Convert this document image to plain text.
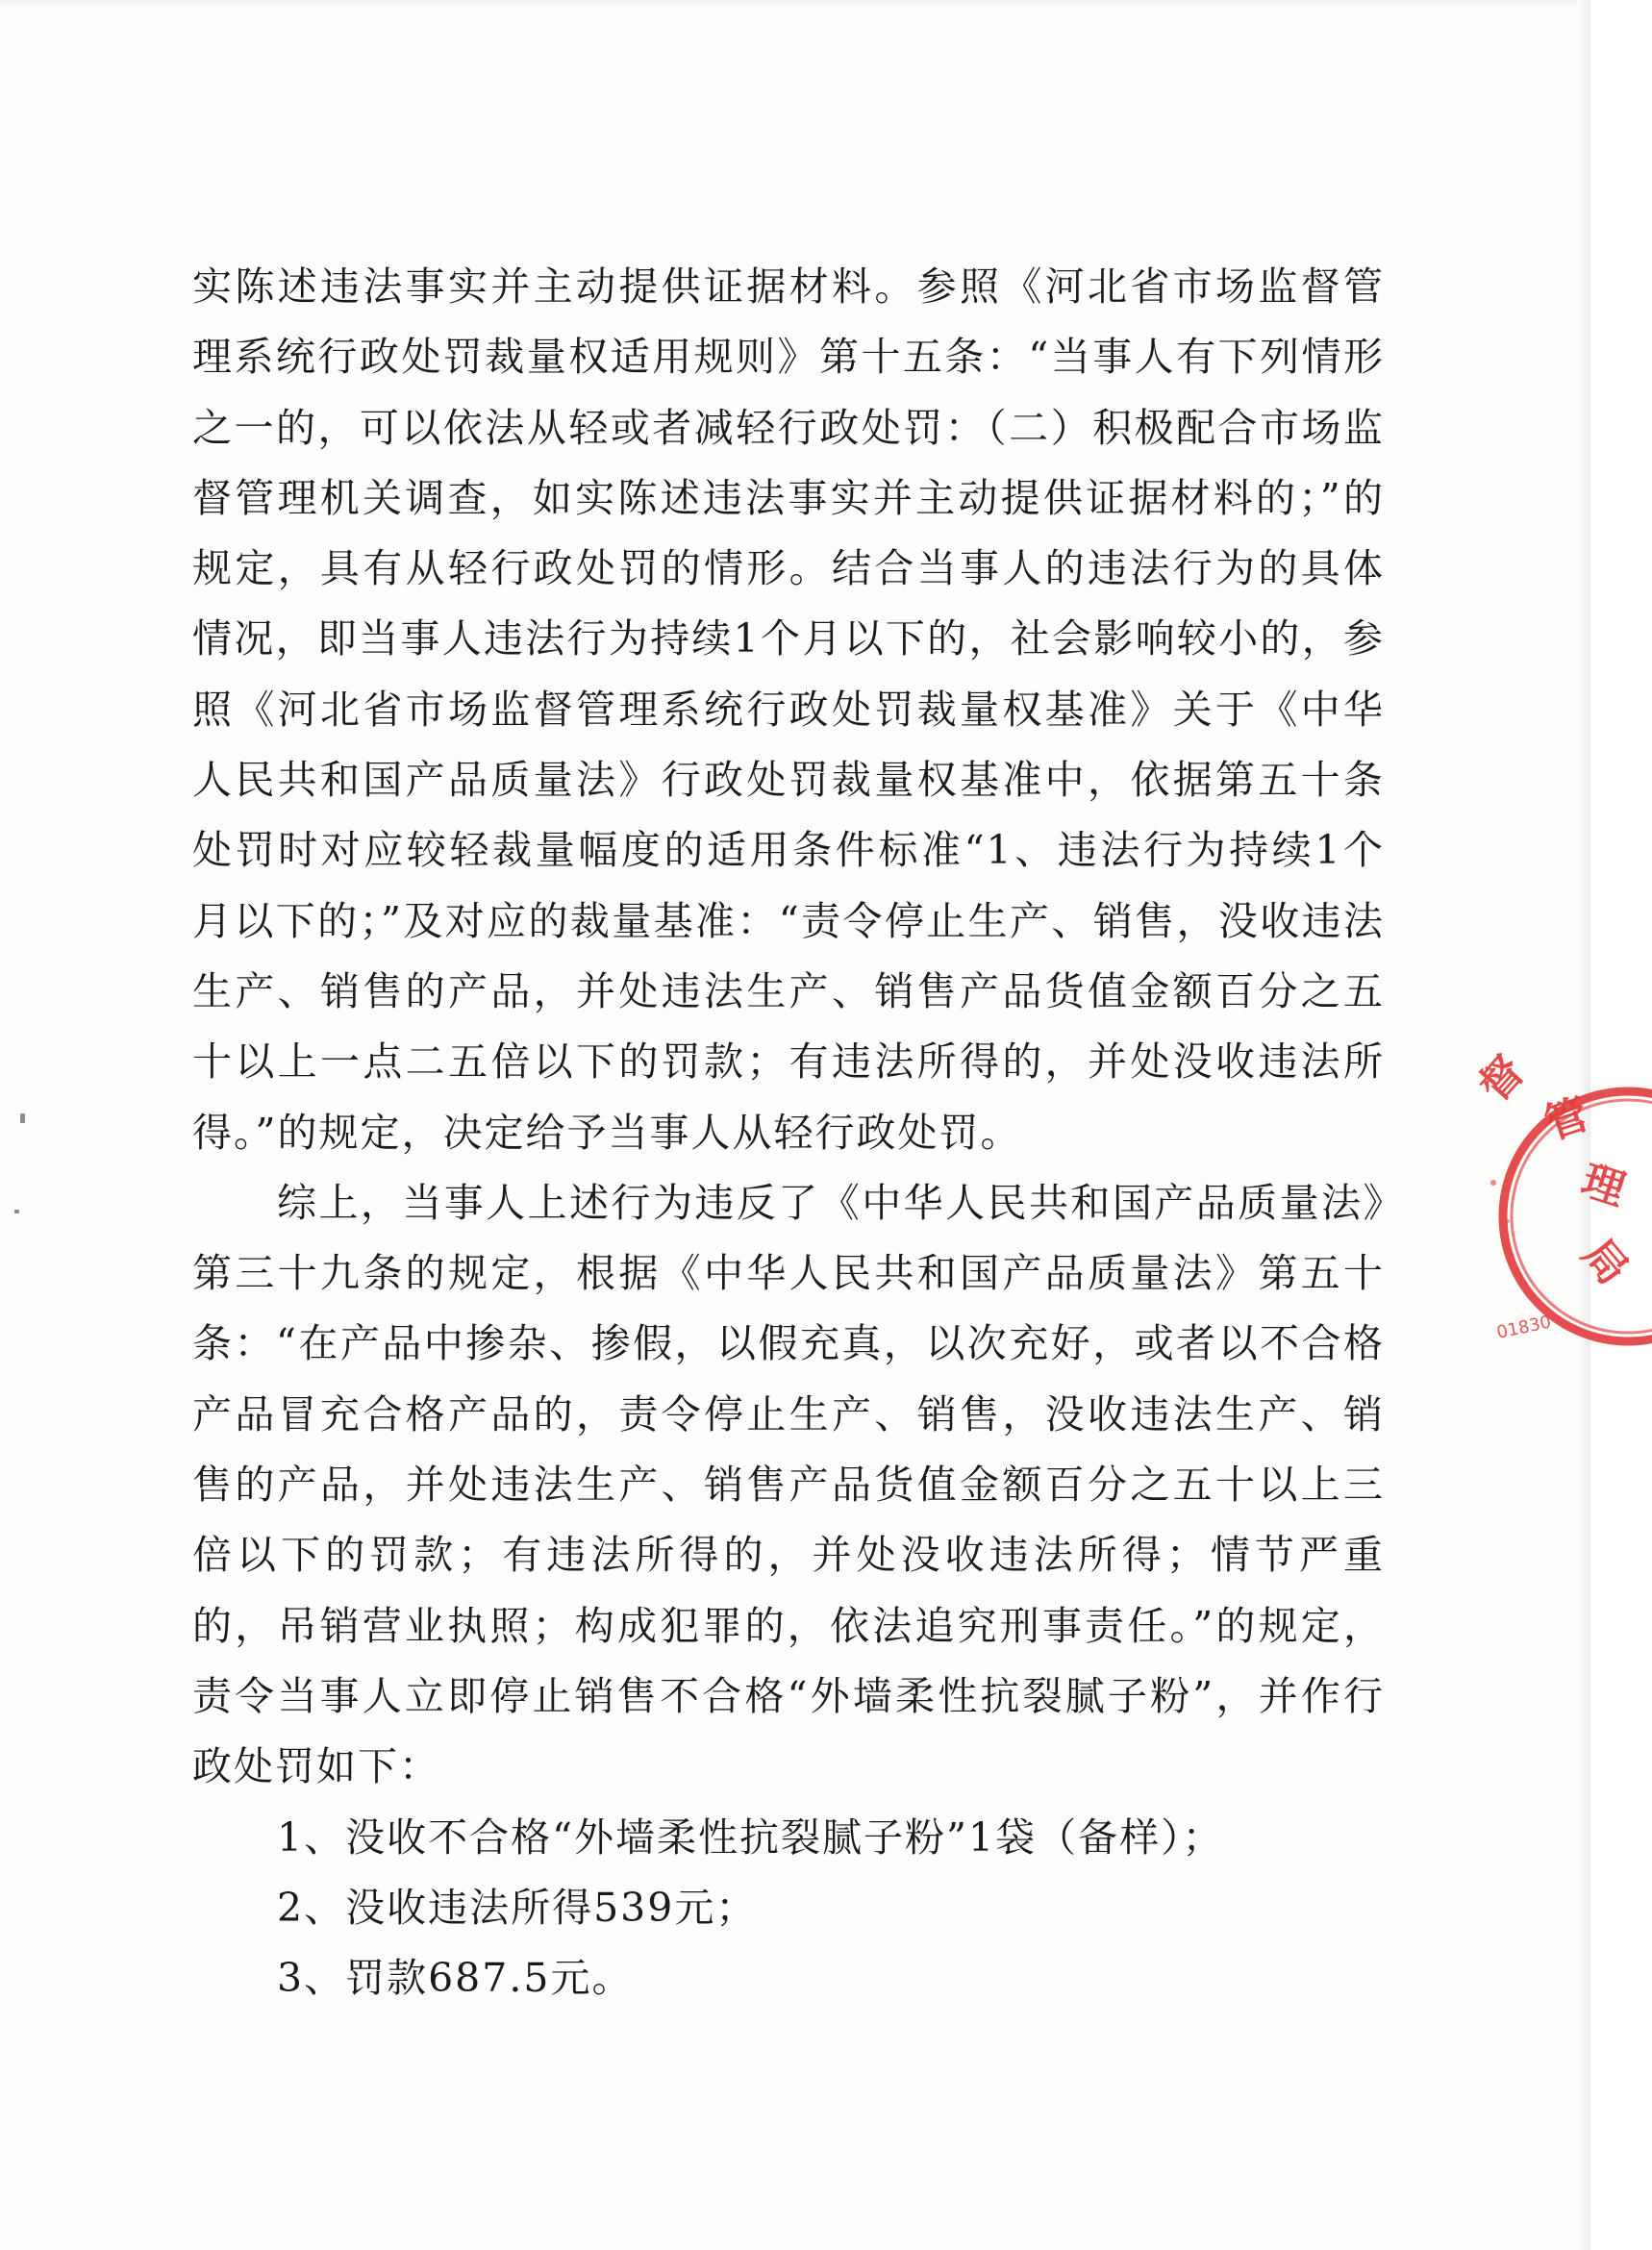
实陈述违法事实并主动提供证据材料。参照《河北省市场监督管理系统行政处罚裁量权适用规则》第十五条：“当事人有下列情形之一的，可以依法从轻或者减轻行政处罚：（二）积极配合市场监督管理机关调查，如实陈述违法事实并主动提供证据材料的；”的规定，具有从轻行政处罚的情形。结合当事人的违法行为的具体情况，即当事人违法行为持续1个月以下的，社会影响较小的，参照《河北省市场监督管理系统行政处罚裁量权基准》关于《中华人民共和国产品质量法》行政处罚裁量权基准中，依据第五十条处罚时对应较轻裁量幅度的适用条件标准“1、违法行为持续1个月以下的；”及对应的裁量基准：“责令停止生产、销售，没收违法生产、销售的产品，并处违法生产、销售产品货值金额百分之五十以上一点二五倍以下的罚款；有违法所得的，并处没收违法所得。”的规定，决定给予当事人从轻行政处罚。

综上，当事人上述行为违反了《中华人民共和国产品质量法》第三十九条的规定，根据《中华人民共和国产品质量法》第五十条：“在产品中掺杂、掺假，以假充真，以次充好，或者以不合格产品冒充合格产品的，责令停止生产、销售，没收违法生产、销售的产品，并处违法生产、销售产品货值金额百分之五十以上三倍以下的罚款；有违法所得的，并处没收违法所得；情节严重的，吊销营业执照；构成犯罪的，依法追究刑事责任。”的规定，责令当事人立即停止销售不合格“外墙柔性抗裂腻子粉”，并作行政处罚如下：

1、没收不合格“外墙柔性抗裂腻子粉”1袋（备样）；
2、没收违法所得539元；
3、罚款687.5元。
督
管
理
局
01830
